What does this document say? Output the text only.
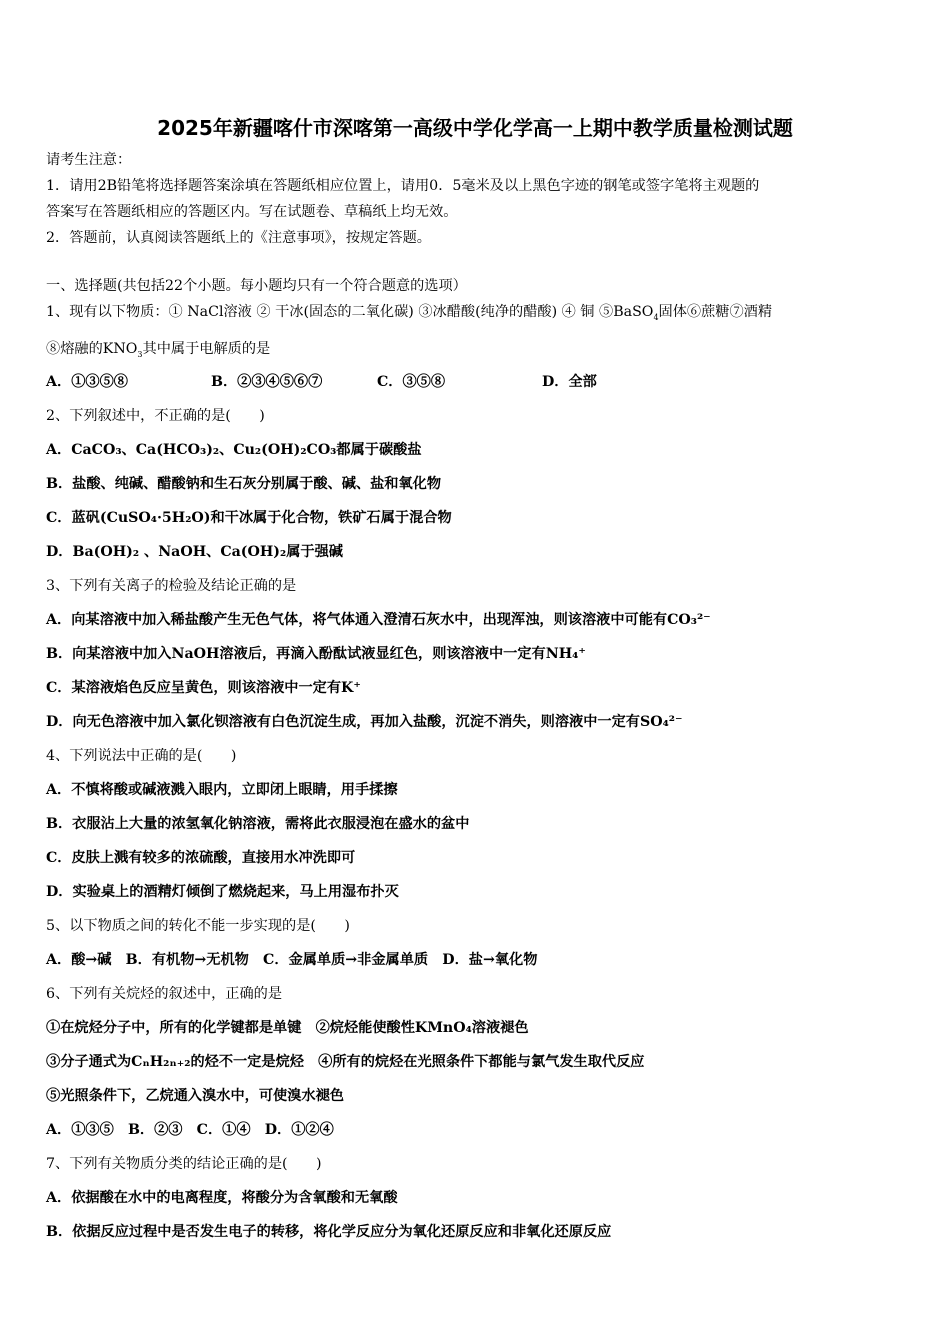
2025年新疆喀什市深喀第一高级中学化学高一上期中教学质量检测试题
请考生注意：
1．请用2B铅笔将选择题答案涂填在答题纸相应位置上，请用0．5毫米及以上黑色字迹的钢笔或签字笔将主观题的
答案写在答题纸相应的答题区内。写在试题卷、草稿纸上均无效。
2．答题前，认真阅读答题纸上的《注意事项》，按规定答题。
一、选择题(共包括22个小题。每小题均只有一个符合题意的选项）
1、现有以下物质：① NaCl溶液 ② 干冰(固态的二氧化碳) ③冰醋酸(纯净的醋酸) ④ 铜 ⑤BaSO$_4$固体⑥蔗糖⑦酒精
⑧熔融的$KNO_3$其中属于电解质的是
A．①③⑤⑧	B．②③④⑤⑥⑦	C．③⑤⑧	D．全部
2、下列叙述中，不正确的是(　　)
A．CaCO₃、Ca(HCO₃)₂、Cu₂(OH)₂CO₃都属于碳酸盐
B．盐酸、纯碱、醋酸钠和生石灰分别属于酸、碱、盐和氧化物
C．蓝矾(CuSO₄·5H₂O)和干冰属于化合物，铁矿石属于混合物
D．Ba(OH)₂ 、NaOH、Ca(OH)₂属于强碱
3、下列有关离子的检验及结论正确的是
A．向某溶液中加入稀盐酸产生无色气体，将气体通入澄清石灰水中，出现浑浊，则该溶液中可能有CO₃²⁻
B．向某溶液中加入NaOH溶液后，再滴入酚酞试液显红色，则该溶液中一定有NH₄⁺
C．某溶液焰色反应呈黄色，则该溶液中一定有K⁺
D．向无色溶液中加入氯化钡溶液有白色沉淀生成，再加入盐酸，沉淀不消失，则溶液中一定有SO₄²⁻
4、下列说法中正确的是(　　)
A．不慎将酸或碱液溅入眼内，立即闭上眼睛，用手揉擦
B．衣服沾上大量的浓氢氧化钠溶液，需将此衣服浸泡在盛水的盆中
C．皮肤上溅有较多的浓硫酸，直接用水冲洗即可
D．实验桌上的酒精灯倾倒了燃烧起来，马上用湿布扑灭
5、以下物质之间的转化不能一步实现的是(　　)
A．酸→碱　B．有机物→无机物　C．金属单质→非金属单质　D．盐→氧化物
6、下列有关烷烃的叙述中，正确的是
①在烷烃分子中，所有的化学键都是单键　②烷烃能使酸性KMnO₄溶液褪色
③分子通式为CₙH₂ₙ₊₂的烃不一定是烷烃　④所有的烷烃在光照条件下都能与氯气发生取代反应
⑤光照条件下，乙烷通入溴水中，可使溴水褪色
A．①③⑤　B．②③　C．①④　D．①②④
7、下列有关物质分类的结论正确的是(　　)
A．依据酸在水中的电离程度，将酸分为含氧酸和无氧酸
B．依据反应过程中是否发生电子的转移，将化学反应分为氧化还原反应和非氧化还原反应
